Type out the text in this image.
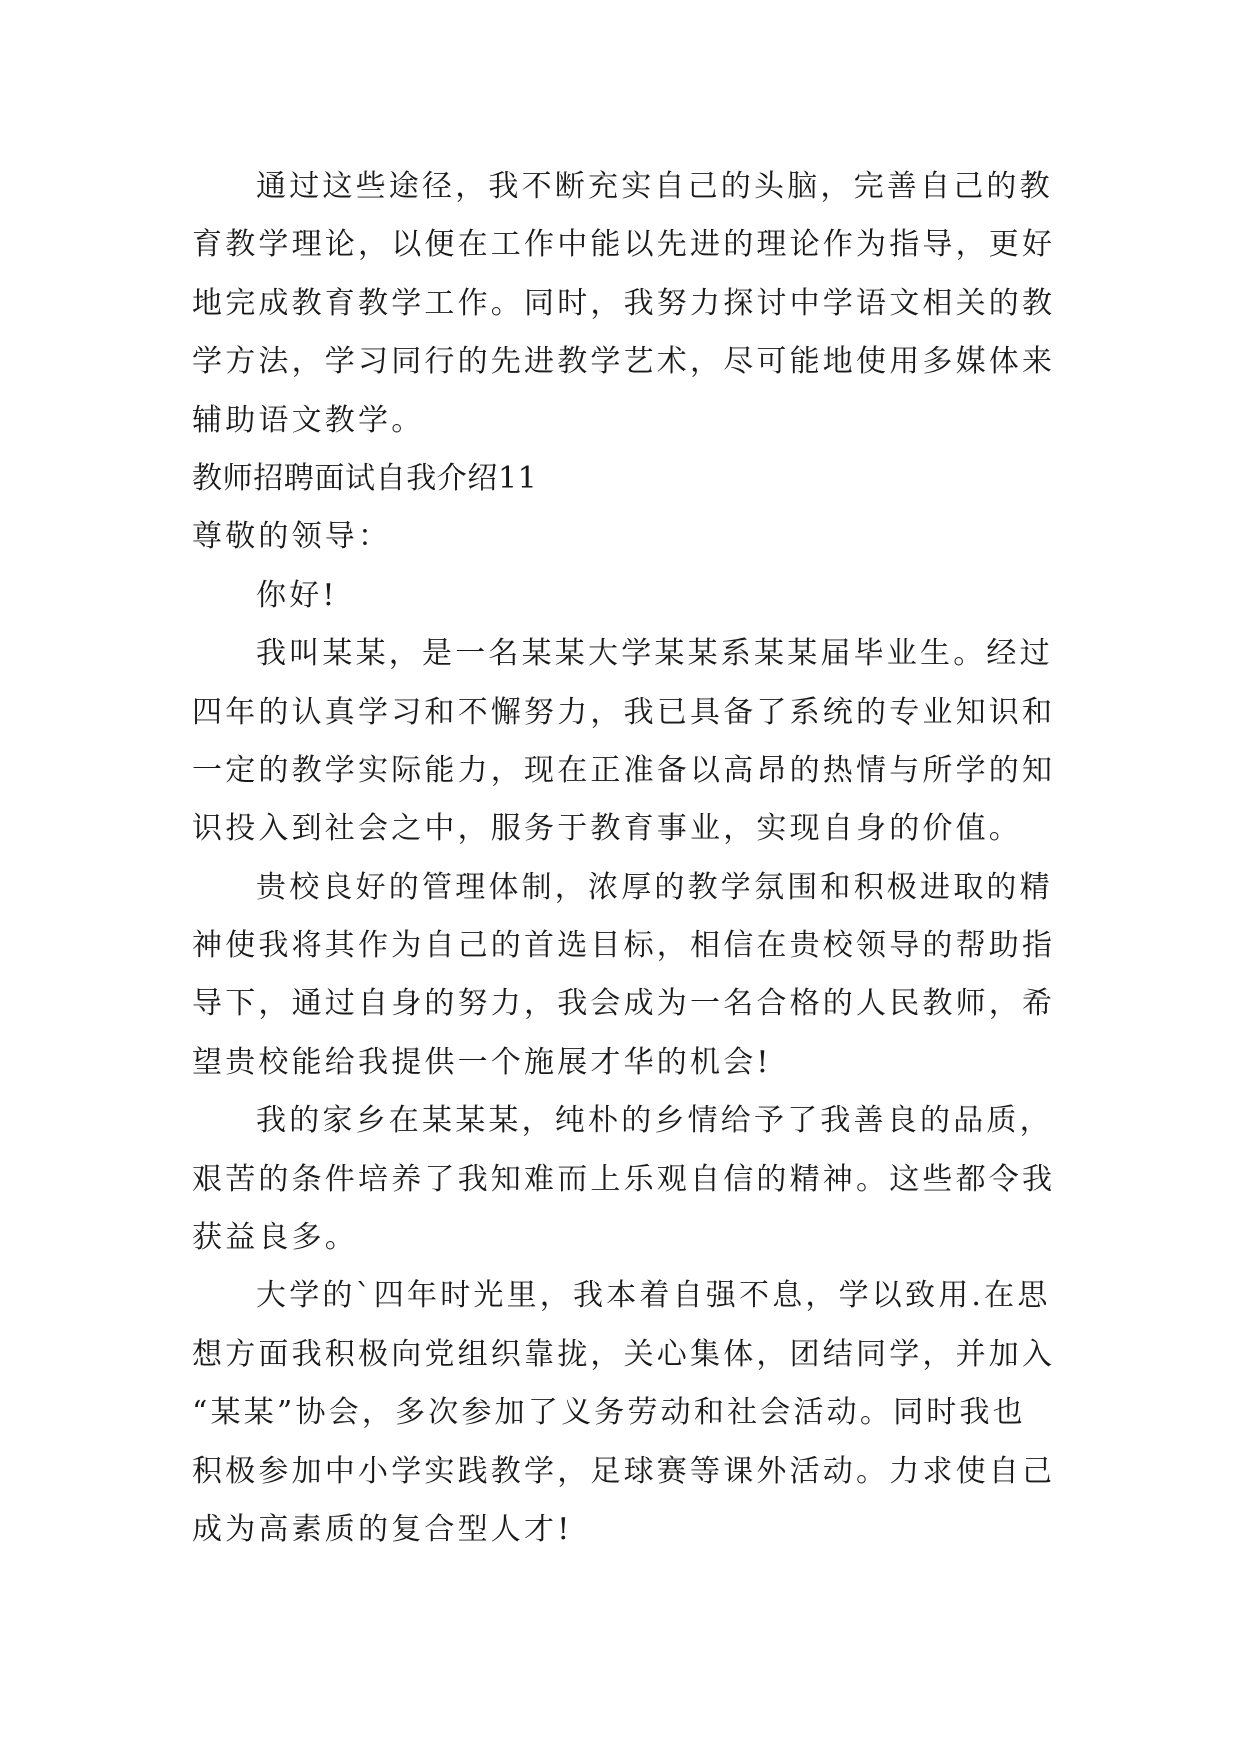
通过这些途径，我不断充实自己的头脑，完善自己的教
育教学理论，以便在工作中能以先进的理论作为指导，更好
地完成教育教学工作。同时，我努力探讨中学语文相关的教
学方法，学习同行的先进教学艺术，尽可能地使用多媒体来
辅助语文教学。
教师招聘面试自我介绍11
尊敬的领导：
你好!
我叫某某，是一名某某大学某某系某某届毕业生。经过
四年的认真学习和不懈努力，我已具备了系统的专业知识和
一定的教学实际能力，现在正准备以高昂的热情与所学的知
识投入到社会之中，服务于教育事业，实现自身的价值。
贵校良好的管理体制，浓厚的教学氛围和积极进取的精
神使我将其作为自己的首选目标，相信在贵校领导的帮助指
导下，通过自身的努力，我会成为一名合格的人民教师，希
望贵校能给我提供一个施展才华的机会!
我的家乡在某某某，纯朴的乡情给予了我善良的品质，
艰苦的条件培养了我知难而上乐观自信的精神。这些都令我
获益良多。
大学的`四年时光里，我本着自强不息，学以致用.在思
想方面我积极向党组织靠拢，关心集体，团结同学，并加入
“某某”协会，多次参加了义务劳动和社会活动。同时我也
积极参加中小学实践教学，足球赛等课外活动。力求使自己
成为高素质的复合型人才!
